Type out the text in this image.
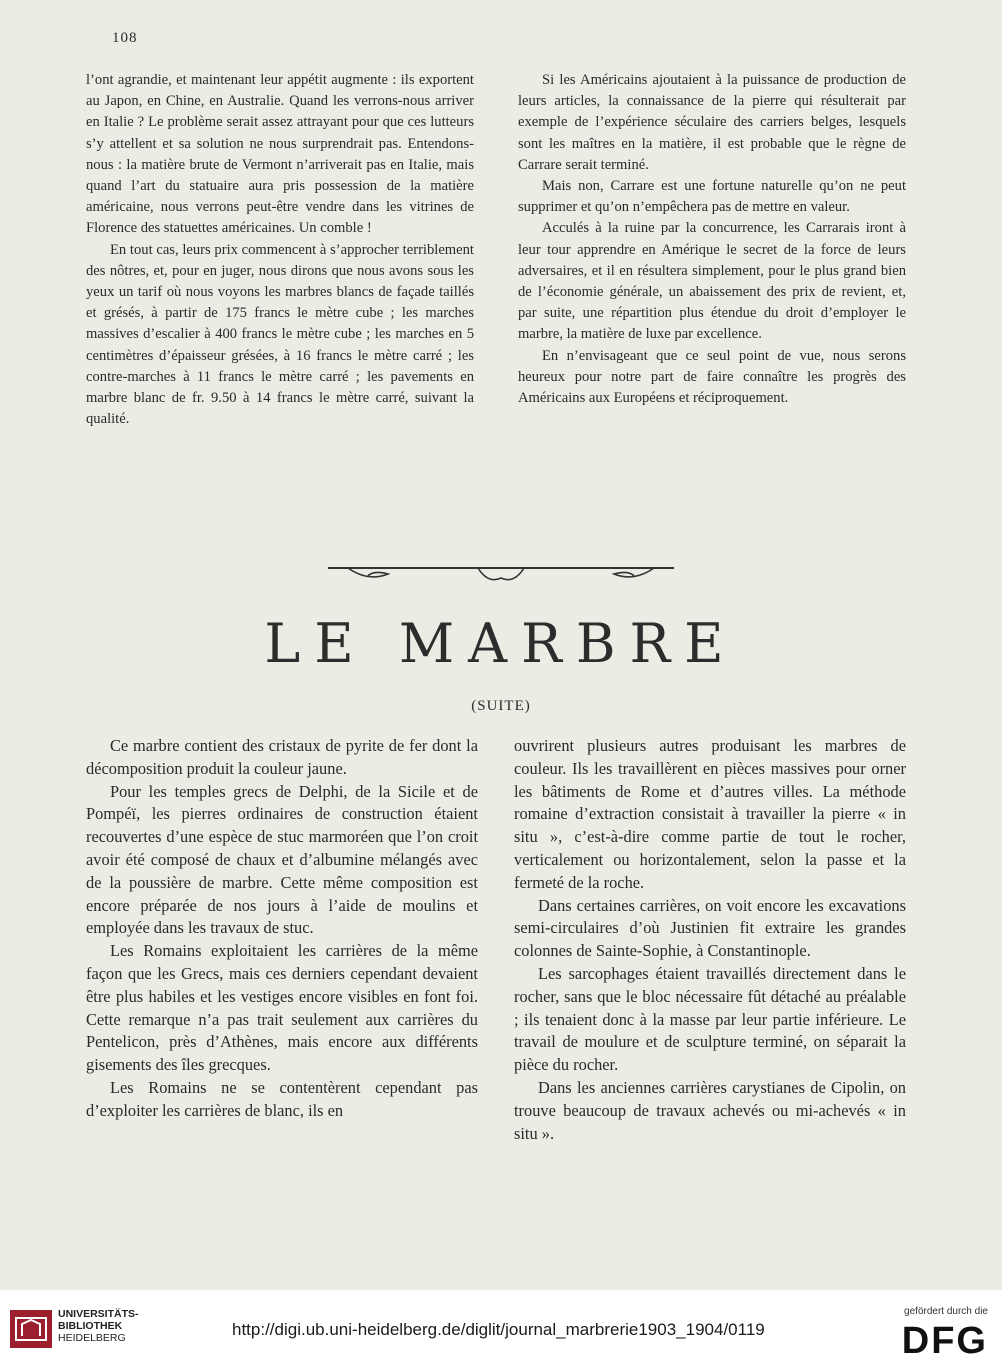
108

l’ont agrandie, et maintenant leur appétit augmente : ils exportent au Japon, en Chine, en Australie. Quand les verrons-nous arriver en Italie ? Le problème serait assez attrayant pour que ces lutteurs s’y attellent et sa solution ne nous surprendrait pas. Entendons-nous : la matière brute de Vermont n’arriverait pas en Italie, mais quand l’art du statuaire aura pris possession de la matière américaine, nous verrons peut-être vendre dans les vitrines de Florence des statuettes américaines. Un comble !

En tout cas, leurs prix commencent à s’approcher terriblement des nôtres, et, pour en juger, nous dirons que nous avons sous les yeux un tarif où nous voyons les marbres blancs de façade taillés et grésés, à partir de 175 francs le mètre cube ; les marches massives d’escalier à 400 francs le mètre cube ; les marches en 5 centimètres d’épaisseur grésées, à 16 francs le mètre carré ; les contre-marches à 11 francs le mètre carré ; les pavements en marbre blanc de fr. 9.50 à 14 francs le mètre carré, suivant la qualité.

Si les Américains ajoutaient à la puissance de production de leurs articles, la connaissance de la pierre qui résulterait par exemple de l’expérience séculaire des carriers belges, lesquels sont les maîtres en la matière, il est probable que le règne de Carrare serait terminé.

Mais non, Carrare est une fortune naturelle qu’on ne peut supprimer et qu’on n’empêchera pas de mettre en valeur.

Acculés à la ruine par la concurrence, les Carrarais iront à leur tour apprendre en Amérique le secret de la force de leurs adversaires, et il en résultera simplement, pour le plus grand bien de l’économie générale, un abaissement des prix de revient, et, par suite, une répartition plus étendue du droit d’employer le marbre, la matière de luxe par excellence.

En n’envisageant que ce seul point de vue, nous serons heureux pour notre part de faire connaître les progrès des Américains aux Européens et réciproquement.

LE MARBRE
(SUITE)

Ce marbre contient des cristaux de pyrite de fer dont la décomposition produit la couleur jaune.

Pour les temples grecs de Delphi, de la Sicile et de Pompéï, les pierres ordinaires de construction étaient recouvertes d’une espèce de stuc marmoréen que l’on croit avoir été composé de chaux et d’albumine mélangés avec de la poussière de marbre. Cette même composition est encore préparée de nos jours à l’aide de moulins et employée dans les travaux de stuc.

Les Romains exploitaient les carrières de la même façon que les Grecs, mais ces derniers cependant devaient être plus habiles et les vestiges encore visibles en font foi. Cette remarque n’a pas trait seulement aux carrières du Pentelicon, près d’Athènes, mais encore aux différents gisements des îles grecques.

Les Romains ne se contentèrent cependant pas d’exploiter les carrières de blanc, ils en

ouvrirent plusieurs autres produisant les marbres de couleur. Ils les travaillèrent en pièces massives pour orner les bâtiments de Rome et d’autres villes. La méthode romaine d’extraction consistait à travailler la pierre « in situ », c’est-à-dire comme partie de tout le rocher, verticalement ou horizontalement, selon la passe et la fermeté de la roche.

Dans certaines carrières, on voit encore les excavations semi-circulaires d’où Justinien fit extraire les grandes colonnes de Sainte-Sophie, à Constantinople.

Les sarcophages étaient travaillés directement dans le rocher, sans que le bloc nécessaire fût détaché au préalable ; ils tenaient donc à la masse par leur partie inférieure. Le travail de moulure et de sculpture terminé, on séparait la pièce du rocher.

Dans les anciennes carrières carystianes de Cipolin, on trouve beaucoup de travaux achevés ou mi-achevés « in situ ».

UNIVERSITÄTS-
BIBLIOTHEK
HEIDELBERG	http://digi.ub.uni-heidelberg.de/diglit/journal_marbrerie1903_1904/0119
gefördert durch die
DFG
